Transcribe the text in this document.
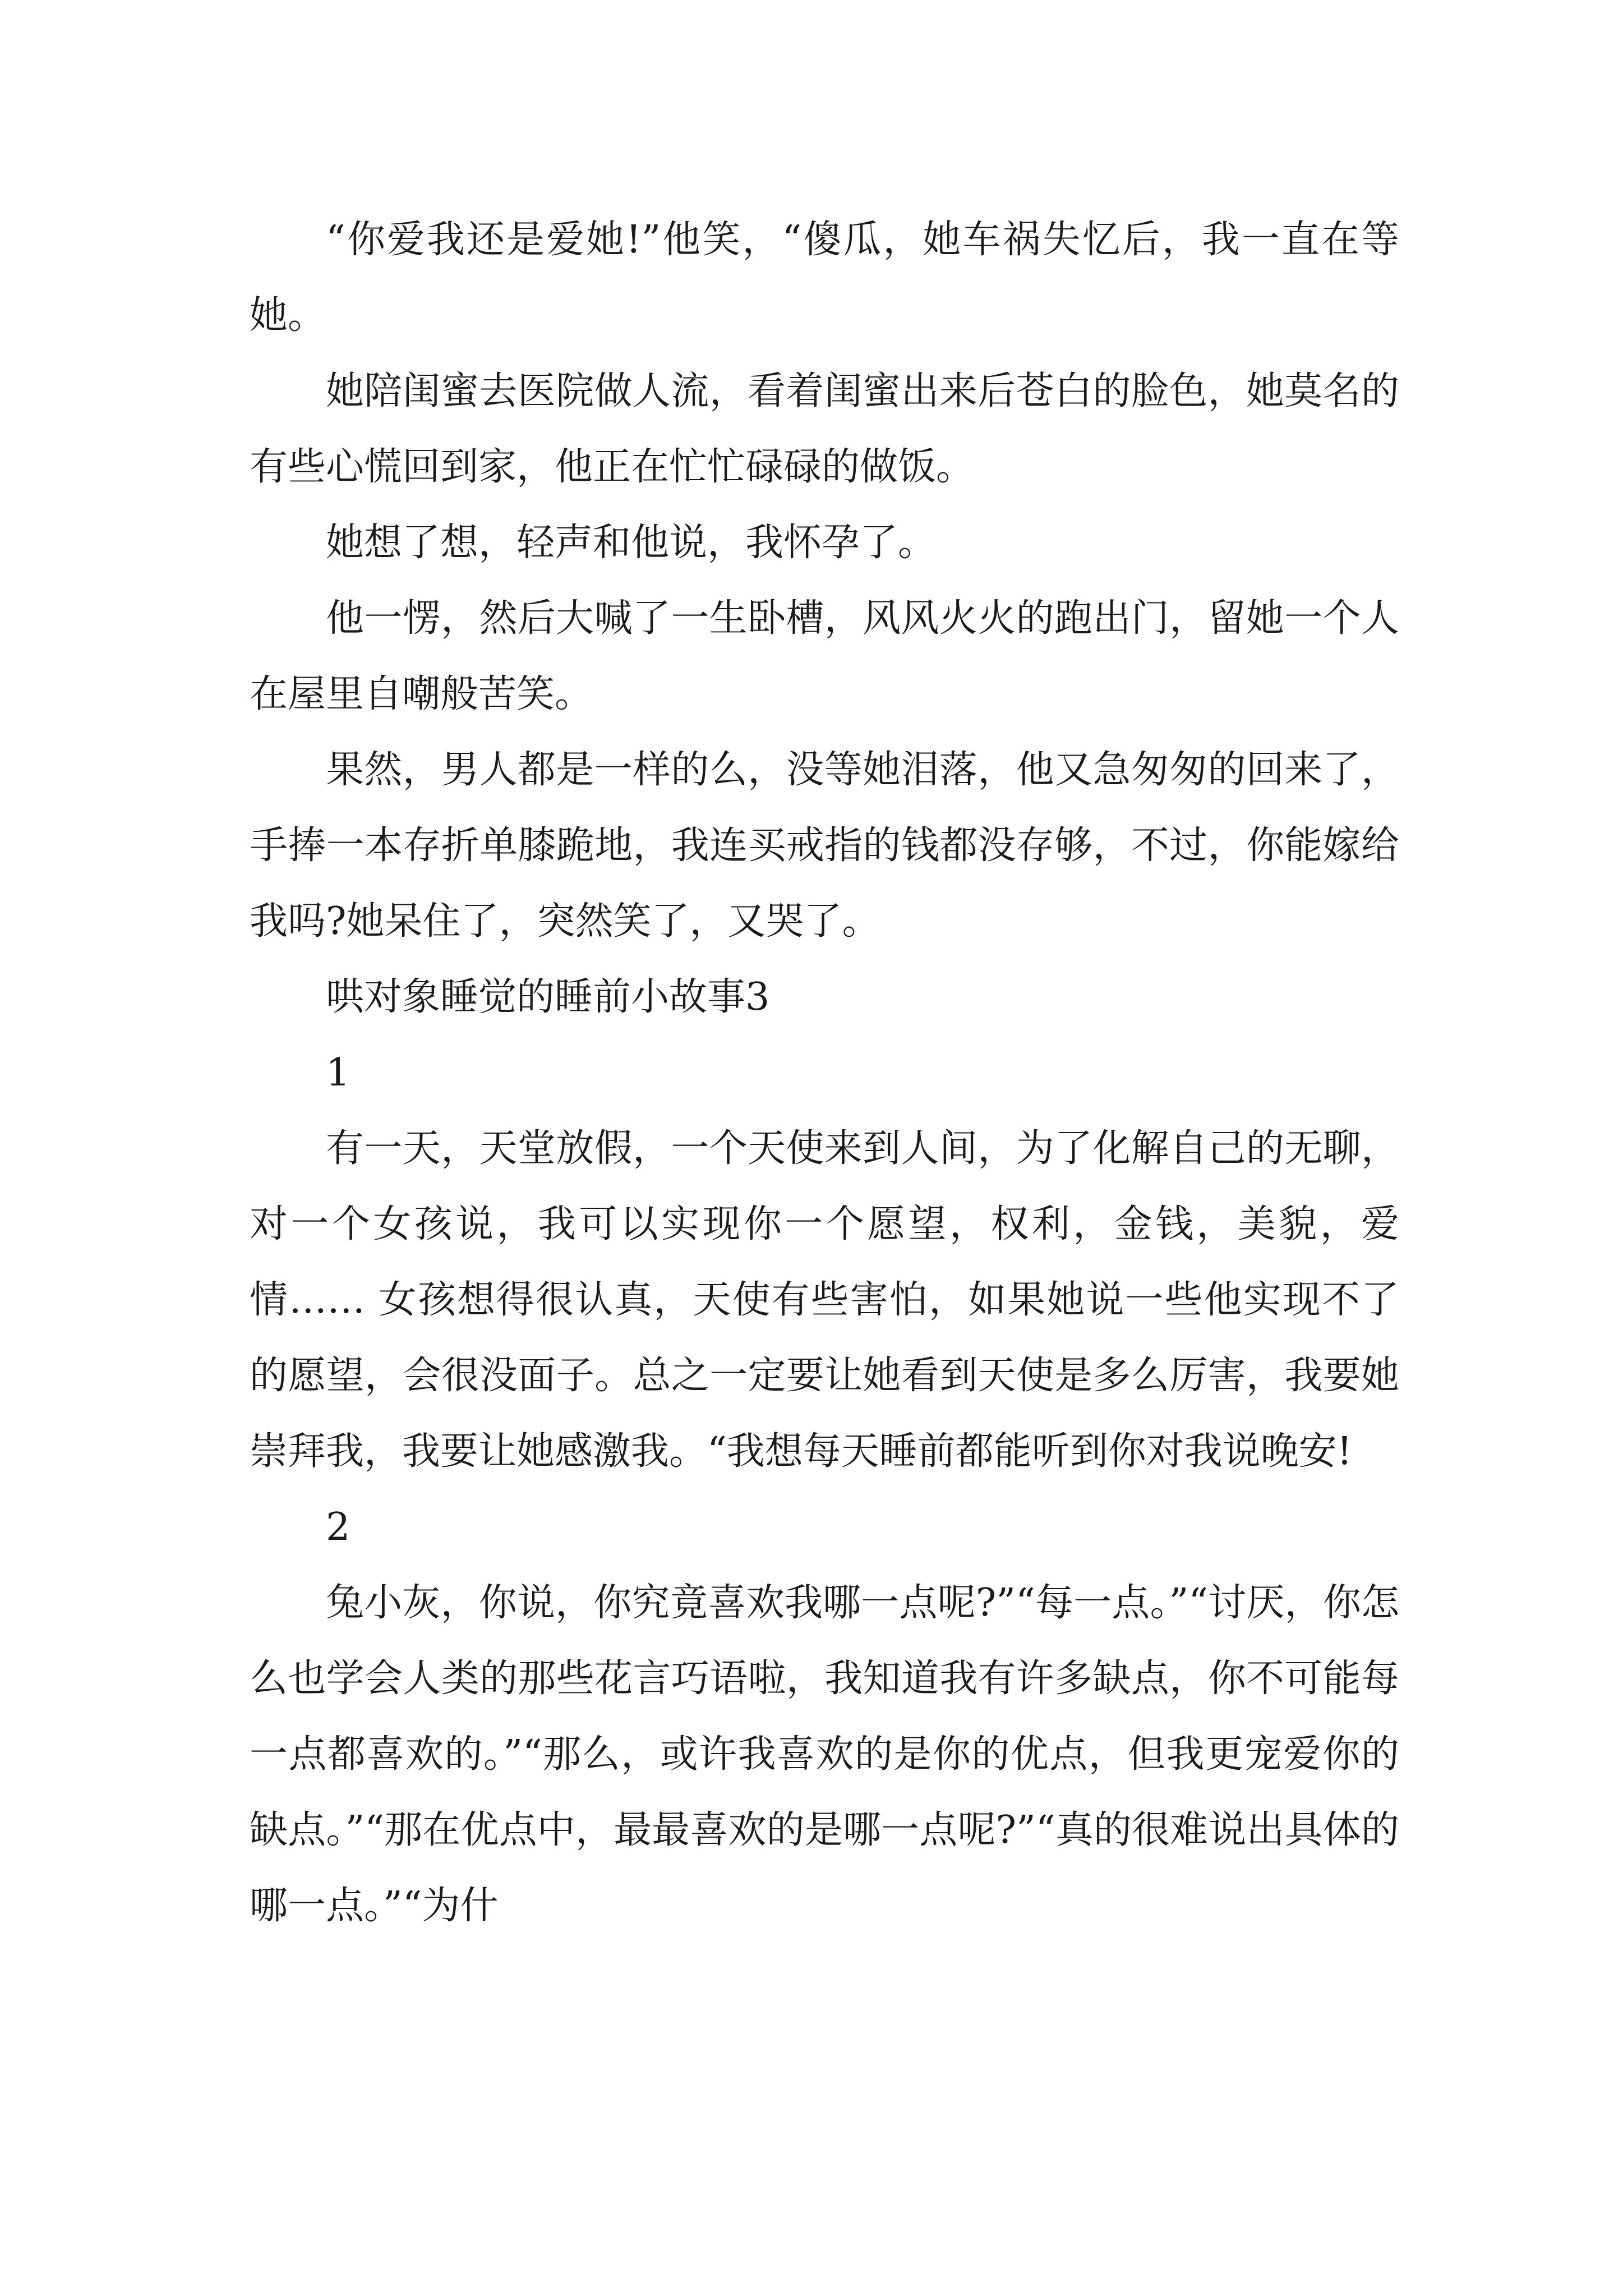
“你爱我还是爱她!”他笑，“傻瓜，她车祸失忆后，我一直在等她。

她陪闺蜜去医院做人流，看着闺蜜出来后苍白的脸色，她莫名的有些心慌回到家，他正在忙忙碌碌的做饭。

她想了想，轻声和他说，我怀孕了。

他一愣，然后大喊了一生卧槽，风风火火的跑出门，留她一个人在屋里自嘲般苦笑。

果然，男人都是一样的么，没等她泪落，他又急匆匆的回来了，手捧一本存折单膝跪地，我连买戒指的钱都没存够，不过，你能嫁给我吗?她呆住了，突然笑了，又哭了。

哄对象睡觉的睡前小故事3

1

有一天，天堂放假，一个天使来到人间，为了化解自己的无聊，对一个女孩说，我可以实现你一个愿望，权利，金钱，美貌，爱情…… 女孩想得很认真，天使有些害怕，如果她说一些他实现不了的愿望，会很没面子。总之一定要让她看到天使是多么厉害，我要她崇拜我，我要让她感激我。“我想每天睡前都能听到你对我说晚安!

2

兔小灰，你说，你究竟喜欢我哪一点呢?”“每一点。”“讨厌，你怎么也学会人类的那些花言巧语啦，我知道我有许多缺点，你不可能每一点都喜欢的。”“那么，或许我喜欢的是你的优点，但我更宠爱你的缺点。”“那在优点中，最最喜欢的是哪一点呢?”“真的很难说出具体的哪一点。”“为什
